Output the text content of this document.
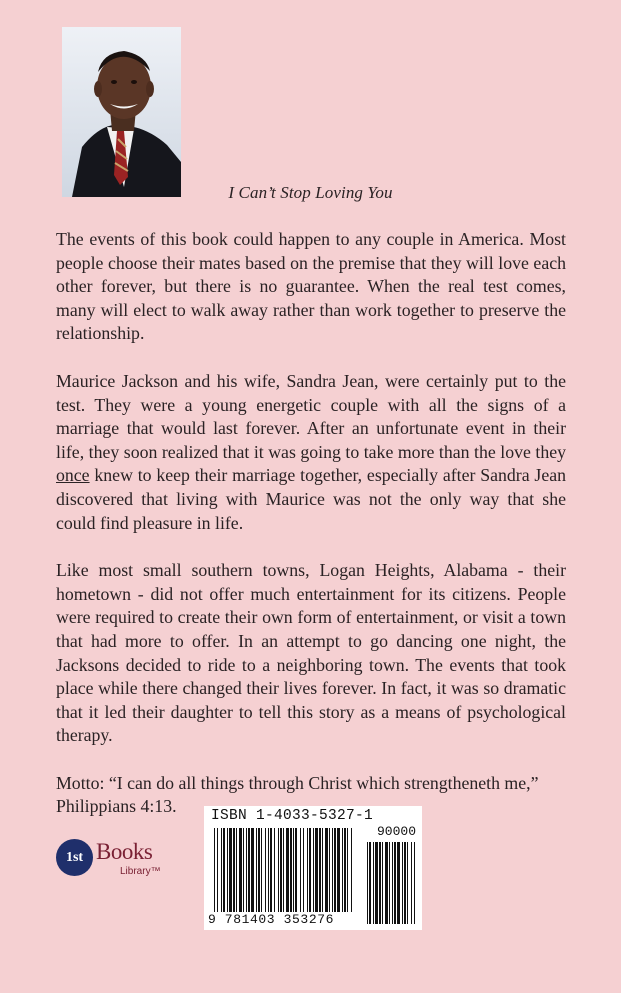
I Can’t Stop Loving You

The events of this book could happen to any couple in America. Most people choose their mates based on the premise that they will love each other forever, but there is no guarantee. When the real test comes, many will elect to walk away rather than work together to preserve the relationship.

Maurice Jackson and his wife, Sandra Jean, were certainly put to the test. They were a young energetic couple with all the signs of a marriage that would last forever. After an unfortunate event in their life, they soon realized that it was going to take more than the love they once knew to keep their marriage together, especially after Sandra Jean discovered that living with Maurice was not the only way that she could find pleasure in life.

Like most small southern towns, Logan Heights, Alabama - their hometown - did not offer much entertainment for its citizens. People were required to create their own form of entertainment, or visit a town that had more to offer. In an attempt to go dancing one night, the Jacksons decided to ride to a neighboring town. The events that took place while there changed their lives forever. In fact, it was so dramatic that it led their daughter to tell this story as a means of psychological therapy.

Motto: “I can do all things through Christ which strengtheneth me,”
Philippians 4:13.

1st Books
Library™
ISBN 1-4033-5327-1
90000
9 781403 353276
